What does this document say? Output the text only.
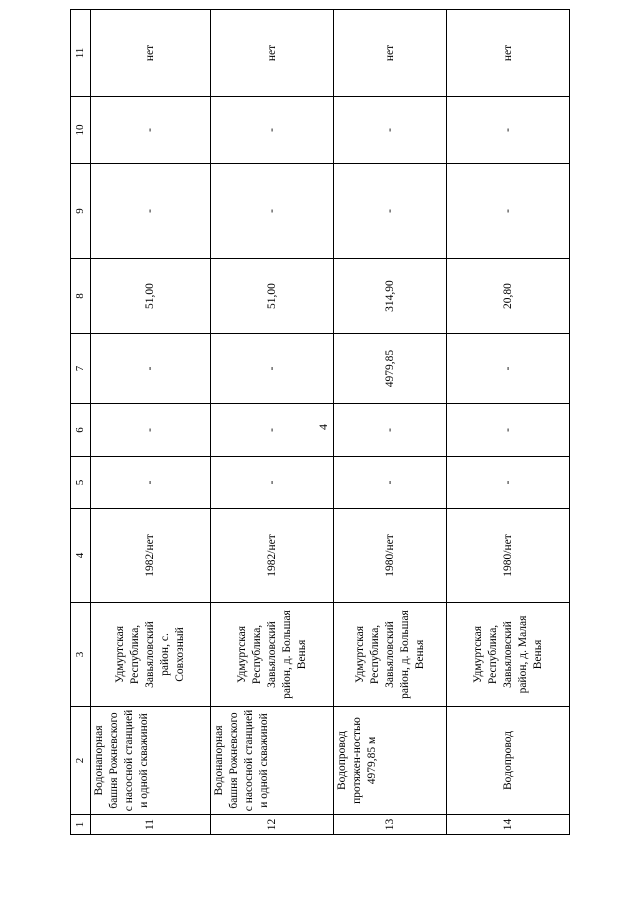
4
1	2	3	4	5	6	7	8	9	10	11
11	Водонапорная башня Рожневского с насосной станцией и одной скважиной	Удмуртская Республика, Завьяловский район, с. Совхозный	1982/нет	-	-	-	51,00	-	-	нет
12	Водонапорная башня Рожневского с насосной станцией и одной скважиной	Удмуртская Республика, Завьяловский район, д. Большая Венья	1982/нет	-	-	-	51,00	-	-	нет
13	Водопровод протяжен-ностью 4979,85 м	Удмуртская Республика, Завьяловский район, д. Большая Венья	1980/нет	-	-	4979,85	314,90	-	-	нет
14	Водопровод	Удмуртская Республика, Завьяловский район, д. Малая Венья	1980/нет	-	-	-	20,80	-	-	нет
